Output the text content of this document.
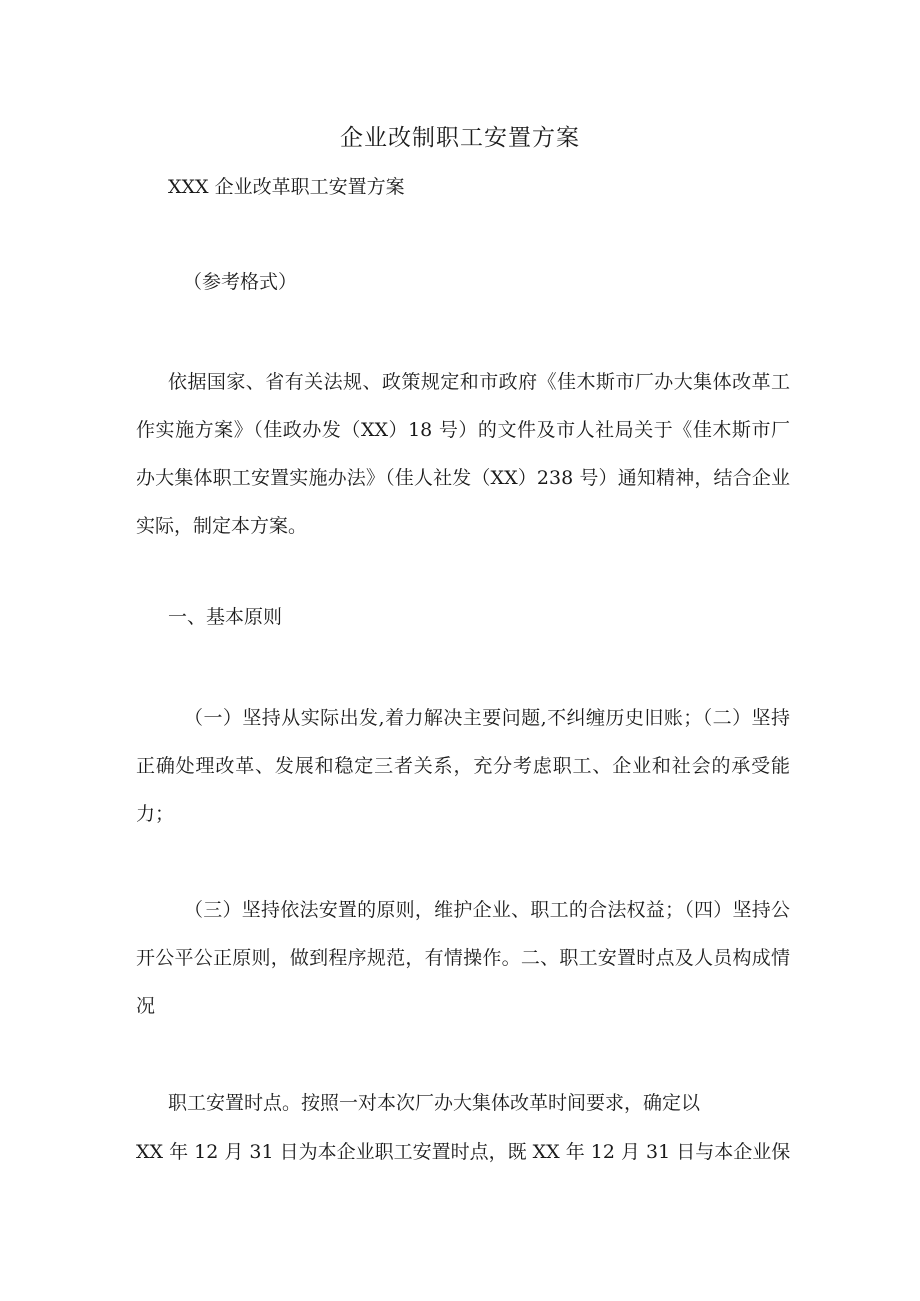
企业改制职工安置方案
XXX 企业改革职工安置方案
（参考格式）

依据国家、省有关法规、政策规定和市政府《佳木斯市厂办大集体改革工作实施方案》（佳政办发（XX）18 号）的文件及市人社局关于《佳木斯市厂办大集体职工安置实施办法》（佳人社发（XX）238 号）通知精神，结合企业实际，制定本方案。

一、基本原则

（一）坚持从实际出发,着力解决主要问题,不纠缠历史旧账；（二）坚持正确处理改革、发展和稳定三者关系，充分考虑职工、企业和社会的承受能力；

（三）坚持依法安置的原则，维护企业、职工的合法权益；（四）坚持公开公平公正原则，做到程序规范，有情操作。二、职工安置时点及人员构成情况

职工安置时点。按照一对本次厂办大集体改革时间要求，确定以
XX 年 12 月 31 日为本企业职工安置时点，既 XX 年 12 月 31 日与本企业保
